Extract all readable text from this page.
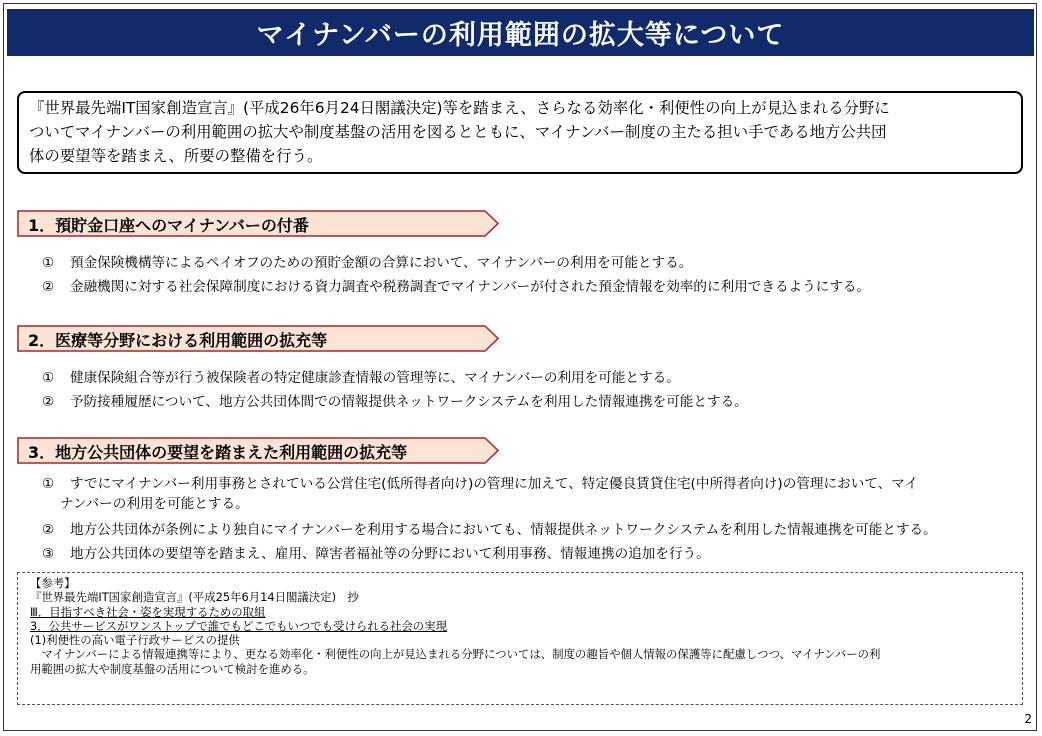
マイナンバーの利用範囲の拡大等について
『世界最先端IT国家創造宣言』(平成26年6月24日閣議決定)等を踏まえ、さらなる効率化・利便性の向上が見込まれる分野に
ついてマイナンバーの利用範囲の拡大や制度基盤の活用を図るとともに、マイナンバー制度の主たる担い手である地方公共団
体の要望等を踏まえ、所要の整備を行う。
1．預貯金口座へのマイナンバーの付番
① 預金保険機構等によるペイオフのための預貯金額の合算において、マイナンバーの利用を可能とする。
② 金融機関に対する社会保障制度における資力調査や税務調査でマイナンバーが付された預金情報を効率的に利用できるようにする。
2．医療等分野における利用範囲の拡充等
① 健康保険組合等が行う被保険者の特定健康診査情報の管理等に、マイナンバーの利用を可能とする。
② 予防接種履歴について、地方公共団体間での情報提供ネットワークシステムを利用した情報連携を可能とする。
3．地方公共団体の要望を踏まえた利用範囲の拡充等
① すでにマイナンバー利用事務とされている公営住宅(低所得者向け)の管理に加えて、特定優良賃貸住宅(中所得者向け)の管理において、マイ
ナンバーの利用を可能とする。
② 地方公共団体が条例により独自にマイナンバーを利用する場合においても、情報提供ネットワークシステムを利用した情報連携を可能とする。
③ 地方公共団体の要望等を踏まえ、雇用、障害者福祉等の分野において利用事務、情報連携の追加を行う。
【参考】
『世界最先端IT国家創造宣言』(平成25年6月14日閣議決定)　抄
Ⅲ．目指すべき社会・姿を実現するための取組
3．公共サービスがワンストップで誰でもどこでもいつでも受けられる社会の実現
(1)利便性の高い電子行政サービスの提供
　マイナンバーによる情報連携等により、更なる効率化・利便性の向上が見込まれる分野については、制度の趣旨や個人情報の保護等に配慮しつつ、マイナンバーの利
用範囲の拡大や制度基盤の活用について検討を進める。
2
